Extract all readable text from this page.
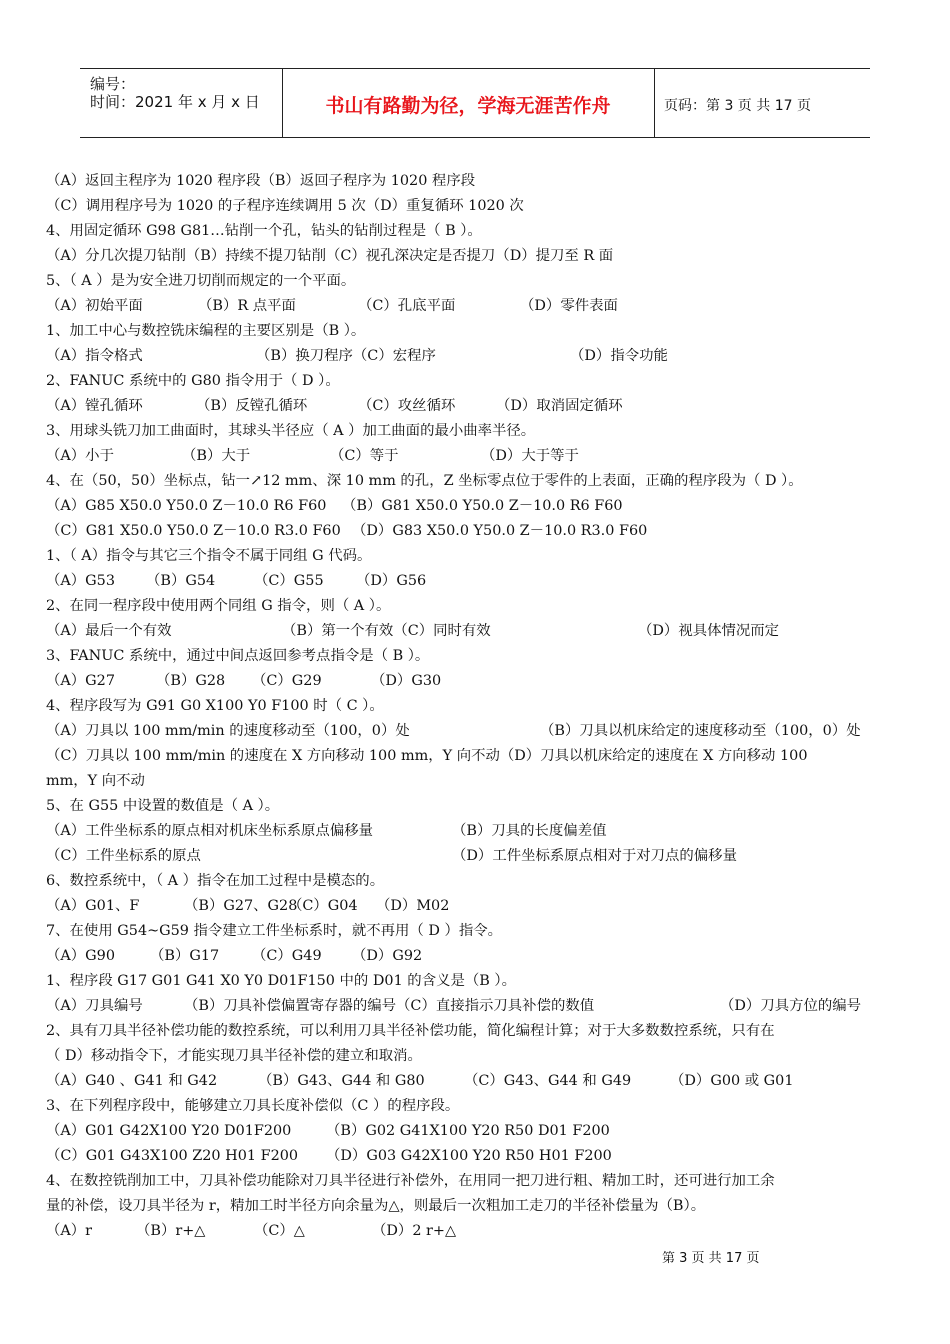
编号：
时间：2021 年 x 月 x 日	书山有路勤为径，学海无涯苦作舟	页码：第 3 页 共 17 页
（A）返回主程序为 1020 程序段（B）返回子程序为 1020 程序段
（C）调用程序号为 1020 的子程序连续调用 5 次（D）重复循环 1020 次
4、用固定循环 G98 G81…钻削一个孔，钻头的钻削过程是（ B ）。
（A）分几次提刀钻削（B）持续不提刀钻削（C）视孔深决定是否提刀（D）提刀至 R 面
5、（ A ）是为安全进刀切削而规定的一个平面。
（A）初始平面	（B）R 点平面	（C）孔底平面	（D）零件表面
1、加工中心与数控铣床编程的主要区别是（B ）。
（A）指令格式	（B）换刀程序（C）宏程序	（D）指令功能
2、FANUC 系统中的 G80 指令用于（ D ）。
（A）镗孔循环	（B）反镗孔循环	（C）攻丝循环	（D）取消固定循环
3、用球头铣刀加工曲面时，其球头半径应（ A ）加工曲面的最小曲率半径。
（A）小于	（B）大于	（C）等于	（D）大于等于
4、在（50，50）坐标点，钻一↗12 mm、深 10 mm 的孔，Z 坐标零点位于零件的上表面，正确的程序段为（ D ）。
（A）G85 X50.0 Y50.0 Z－10.0 R6 F60 （B）G81 X50.0 Y50.0 Z－10.0 R6 F60
（C）G81 X50.0 Y50.0 Z－10.0 R3.0 F60 （D）G83 X50.0 Y50.0 Z－10.0 R3.0 F60
1、（ A）指令与其它三个指令不属于同组 G 代码。
（A）G53 （B）G54	（C）G55 （D）G56
2、在同一程序段中使用两个同组 G 指令，则（ A ）。
（A）最后一个有效	（B）第一个有效（C）同时有效	（D）视具体情况而定
3、FANUC 系统中，通过中间点返回参考点指令是（ B ）。
（A）G27	（B）G28 （C）G29	（D）G30
4、程序段写为 G91 G0 X100 Y0 F100 时（ C ）。
（A）刀具以 100 mm/min 的速度移动至（100，0）处	（B）刀具以机床给定的速度移动至（100，0）处
（C）刀具以 100 mm/min 的速度在 X 方向移动 100 mm，Y 向不动（D）刀具以机床给定的速度在 X 方向移动 100
mm，Y 向不动
5、在 G55 中设置的数值是（ A ）。
（A）工件坐标系的原点相对机床坐标系原点偏移量	（B）刀具的长度偏差值
（C）工件坐标系的原点	（D）工件坐标系原点相对于对刀点的偏移量
6、数控系统中，（ A ）指令在加工过程中是模态的。
（A）G01、F	（B）G27、G28
（C）G04 （D）M02
7、在使用 G54~G59 指令建立工件坐标系时，就不再用（ D ）指令。
（A）G90 （B）G17 （C）G49 （D）G92
1、程序段 G17 G01 G41 X0 Y0 D01F150 中的 D01 的含义是（B ）。
（A）刀具编号	（B）刀具补偿偏置寄存器的编号（C）直接指示刀具补偿的数值	（D）刀具方位的编号
2、具有刀具半径补偿功能的数控系统，可以利用刀具半径补偿功能，简化编程计算；对于大多数数控系统，只有在
（ D）移动指令下，才能实现刀具半径补偿的建立和取消。
（A）G40 、G41 和 G42	（B）G43、G44 和 G80	（C）G43、G44 和 G49	（D）G00 或 G01
3、在下列程序段中，能够建立刀具长度补偿似（C ）的程序段。
（A）G01 G42X100 Y20 D01F200 （B）G02 G41X100 Y20 R50 D01 F200
（C）G01 G43X100 Z20 H01 F200 （D）G03 G42X100 Y20 R50 H01 F200
4、在数控铣削加工中，刀具补偿功能除对刀具半径进行补偿外，在用同一把刀进行粗、精加工时，还可进行加工余
量的补偿，设刀具半径为 r，精加工时半径方向余量为△，则最后一次粗加工走刀的半径补偿量为（B）。
（A）r	（B）r+△	（C）△	（D）2 r+△
第 3 页 共 17 页
